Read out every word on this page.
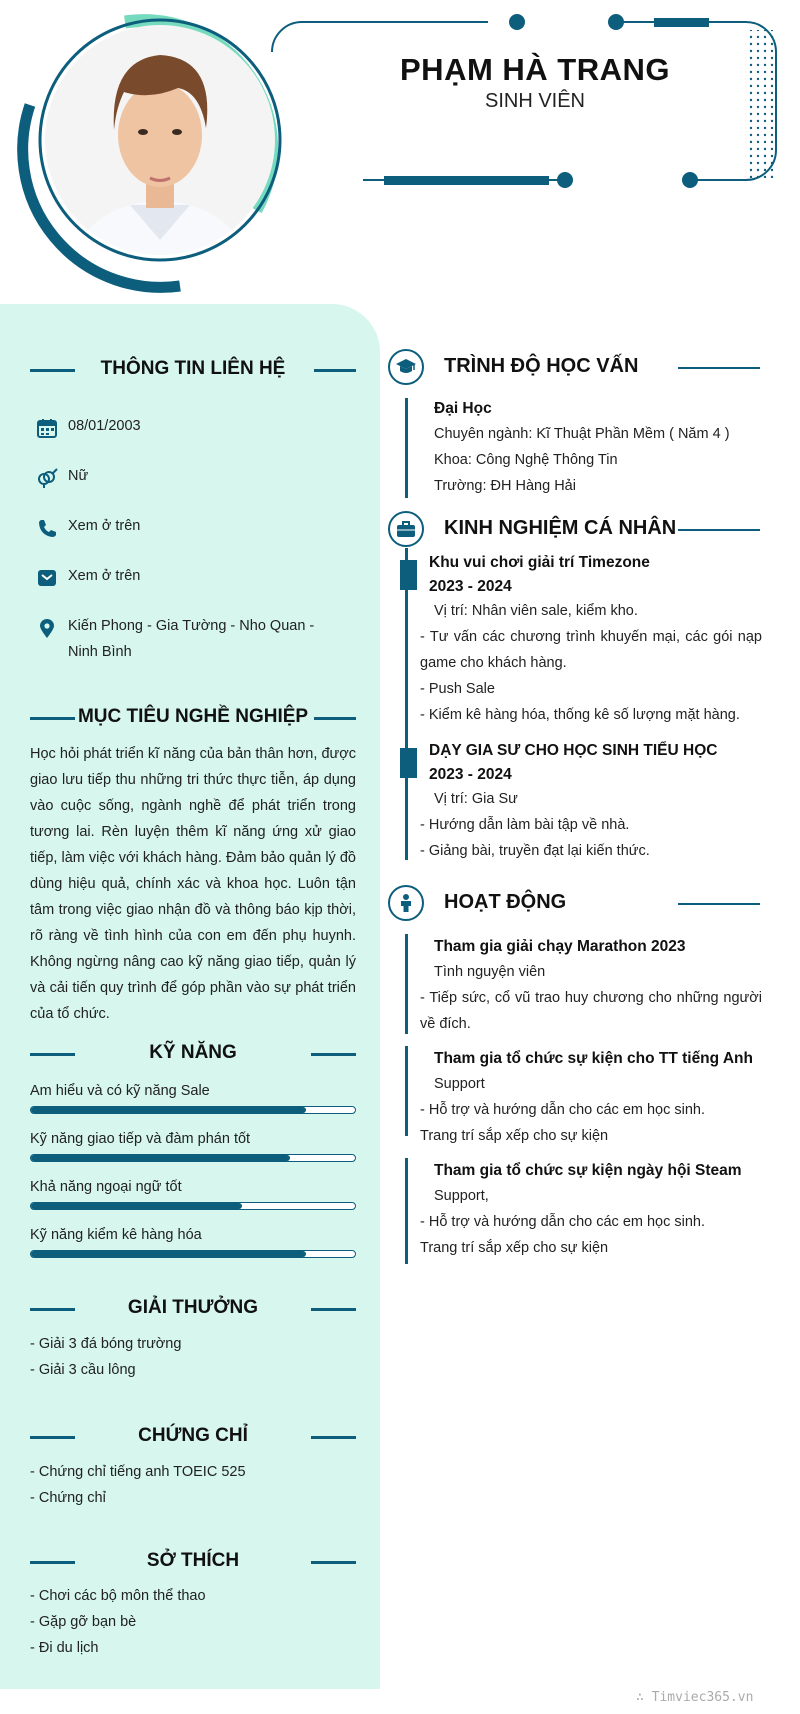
PHẠM HÀ TRANG
SINH VIÊN
THÔNG TIN LIÊN HỆ
08/01/2003
Nữ
Xem ở trên
Xem ở trên
Kiến Phong - Gia Tường - Nho Quan - Ninh Bình
MỤC TIÊU NGHỀ NGHIỆP
Học hỏi phát triển kĩ năng của bản thân hơn, được giao lưu tiếp thu những tri thức thực tiễn, áp dụng vào cuộc sống, ngành nghề để phát triển trong tương lai. Rèn luyện thêm kĩ năng ứng xử giao tiếp, làm việc với khách hàng. Đảm bảo quản lý đồ dùng hiệu quả, chính xác và khoa học. Luôn tận tâm trong việc giao nhận đồ và thông báo kịp thời, rõ ràng về tình hình của con em đến phụ huynh. Không ngừng nâng cao kỹ năng giao tiếp, quản lý và cải tiến quy trình để góp phần vào sự phát triển của tổ chức.
KỸ NĂNG
Am hiểu và có kỹ năng Sale
Kỹ năng giao tiếp và đàm phán tốt
Khả năng ngoại ngữ tốt
Kỹ năng kiểm kê hàng hóa
GIẢI THƯỞNG
- Giải 3 đá bóng trường
- Giải 3 cầu lông
CHỨNG CHỈ
- Chứng chỉ tiếng anh TOEIC 525
- Chứng chỉ
SỞ THÍCH
- Chơi các bộ môn thể thao
- Gặp gỡ bạn bè
- Đi du lịch
TRÌNH ĐỘ HỌC VẤN
Đại Học
Chuyên ngành: Kĩ Thuật Phần Mềm ( Năm 4 )
Khoa: Công Nghệ Thông Tin
Trường: ĐH Hàng Hải
KINH NGHIỆM CÁ NHÂN
Khu vui chơi giải trí Timezone
2023 - 2024
Vị trí: Nhân viên sale, kiểm kho.
- Tư vấn các chương trình khuyến mại, các gói nạp game cho khách hàng.
- Push Sale
- Kiểm kê hàng hóa, thống kê số lượng mặt hàng.
DẠY GIA SƯ CHO HỌC SINH TIỂU HỌC
2023 - 2024
Vị trí: Gia Sư
- Hướng dẫn làm bài tập về nhà.
- Giảng bài, truyền đạt lại kiến thức.
HOẠT ĐỘNG
Tham gia giải chạy Marathon 2023
Tình nguyện viên
- Tiếp sức, cổ vũ trao huy chương cho những người về đích.
Tham gia tổ chức sự kiện cho TT tiếng Anh
Support
- Hỗ trợ và hướng dẫn cho các em học sinh.
Trang trí sắp xếp cho sự kiện
Tham gia tổ chức sự kiện ngày hội Steam
Support,
- Hỗ trợ và hướng dẫn cho các em học sinh.
Trang trí sắp xếp cho sự kiện
∴ Timviec365.vn
